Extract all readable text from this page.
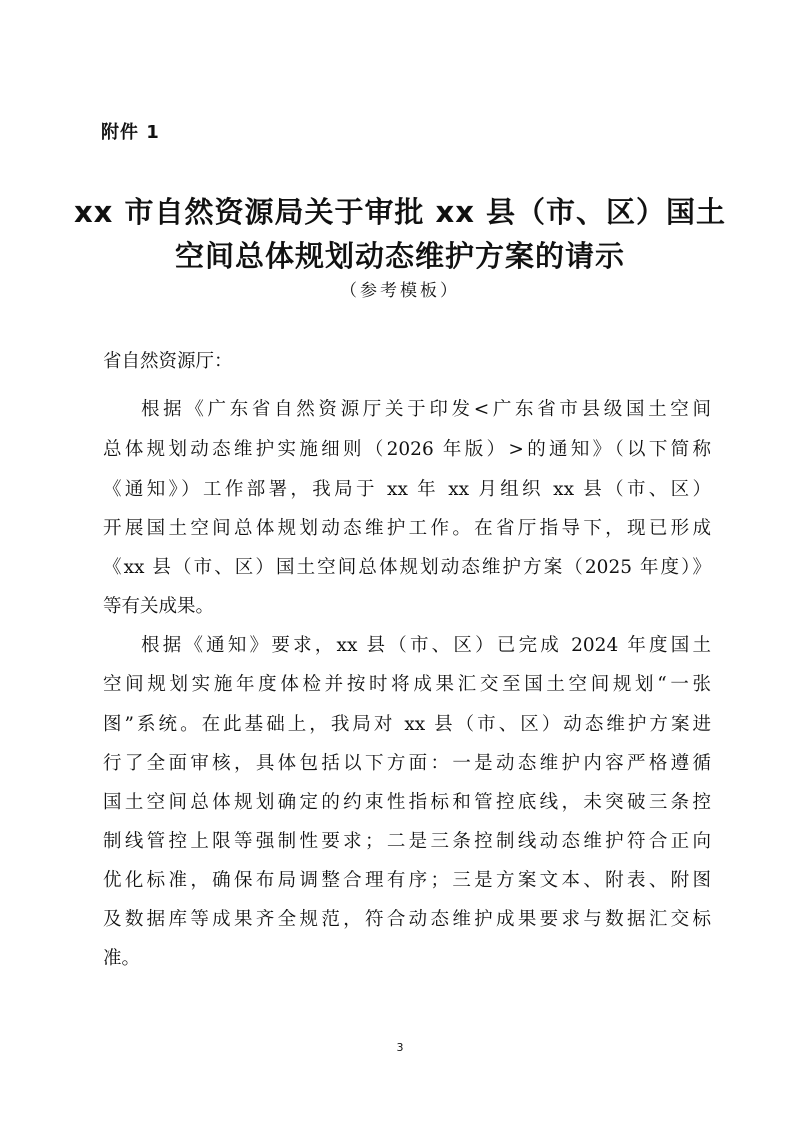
附件 1
xx 市自然资源局关于审批 xx 县（市、区）国土
空间总体规划动态维护方案的请示
（参考模板）
省自然资源厅：
根据《广东省自然资源厅关于印发<广东省市县级国土空间
总体规划动态维护实施细则（2026 年版）>的通知》（以下简称
《通知》）工作部署，我局于 xx 年 xx 月组织 xx 县（市、区）
开展国土空间总体规划动态维护工作。在省厅指导下，现已形成
《xx 县（市、区）国土空间总体规划动态维护方案（2025 年度）》
等有关成果。
根据《通知》要求，xx 县（市、区）已完成 2024 年度国土
空间规划实施年度体检并按时将成果汇交至国土空间规划“一张
图”系统。在此基础上，我局对 xx 县（市、区）动态维护方案进
行了全面审核，具体包括以下方面：一是动态维护内容严格遵循
国土空间总体规划确定的约束性指标和管控底线，未突破三条控
制线管控上限等强制性要求；二是三条控制线动态维护符合正向
优化标准，确保布局调整合理有序；三是方案文本、附表、附图
及数据库等成果齐全规范，符合动态维护成果要求与数据汇交标
准。
3
